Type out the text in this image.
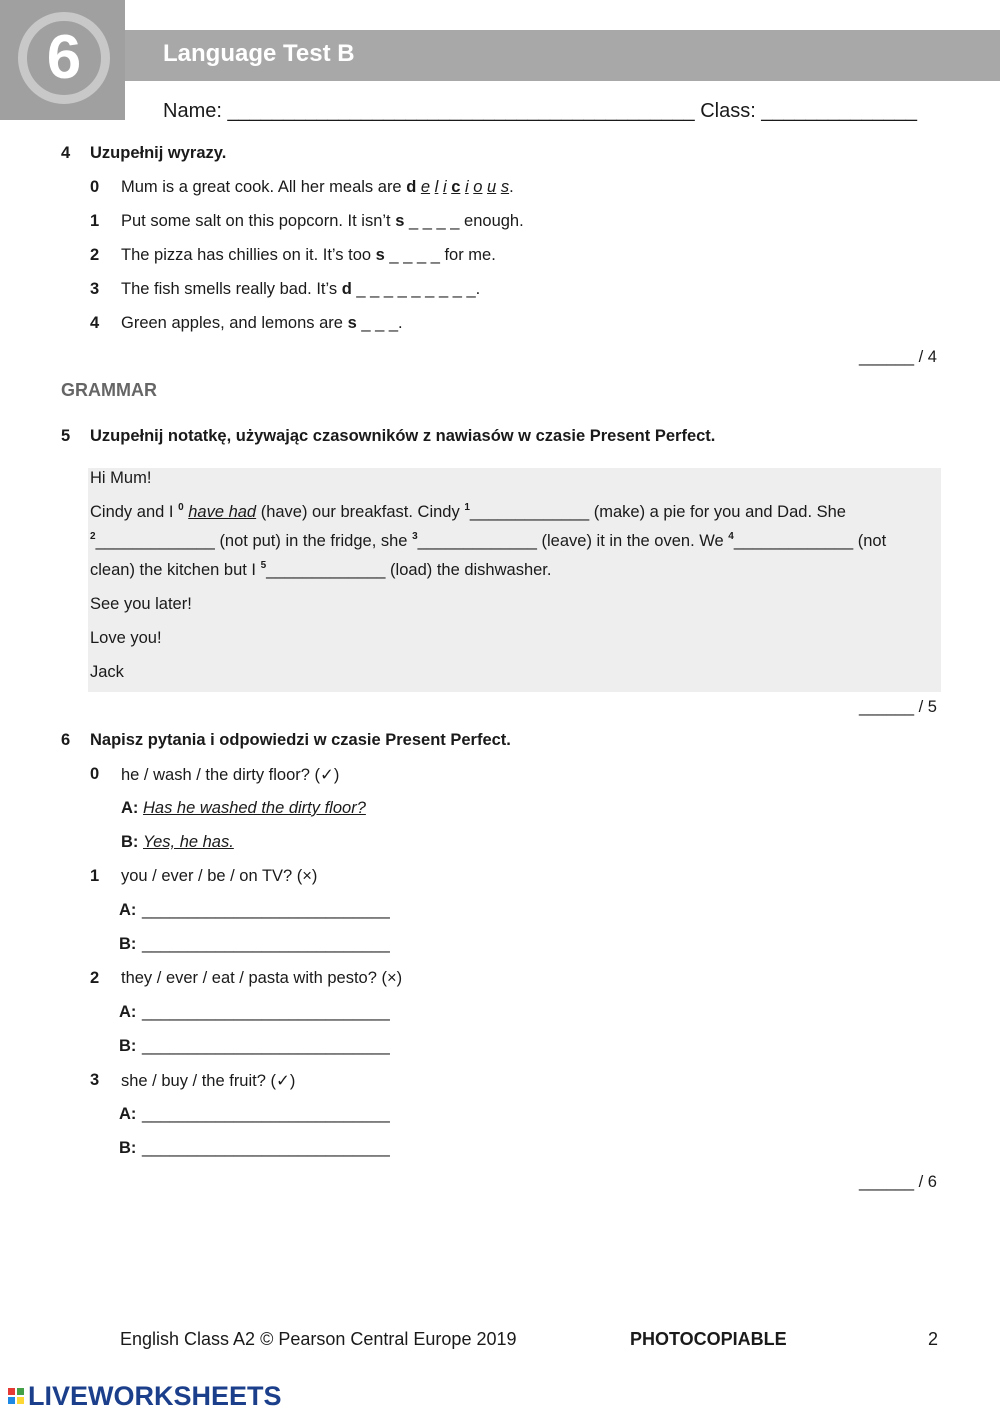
6	Language Test B
Name: __________________________________________ Class: ______________
4 Uzupełnij wyrazy.
0 Mum is a great cook. All her meals are d e l i c i o u s.
1 Put some salt on this popcorn. It isn’t s _ _ _ _ enough.
2 The pizza has chillies on it. It’s too s _ _ _ _ for me.
3 The fish smells really bad. It’s d _ _ _ _ _ _ _ _ _.
4 Green apples, and lemons are s _ _ _.
______ / 4
GRAMMAR
5 Uzupełnij notatkę, używając czasowników z nawiasów w czasie Present Perfect.
Hi Mum!
Cindy and I $^0$ have had (have) our breakfast. Cindy $^1$_____________ (make) a pie for you and Dad. She
$^2$_____________ (not put) in the fridge, she $^3$_____________ (leave) it in the oven. We $^4$_____________ (not
clean) the kitchen but I $^5$_____________ (load) the dishwasher.
See you later!
Love you!
Jack
______ / 5
6 Napisz pytania i odpowiedzi w czasie Present Perfect.
0 he / wash / the dirty floor? (✓)
A: Has he washed the dirty floor?
B: Yes, he has.
1 you / ever / be / on TV? (×)
A: ___________________________
B: ___________________________
2 they / ever / eat / pasta with pesto? (×)
A: ___________________________
B: ___________________________
3 she / buy / the fruit? (✓)
A: ___________________________
B: ___________________________
______ / 6
English Class A2 © Pearson Central Europe 2019	PHOTOCOPIABLE	2
LIVEWORKSHEETS
